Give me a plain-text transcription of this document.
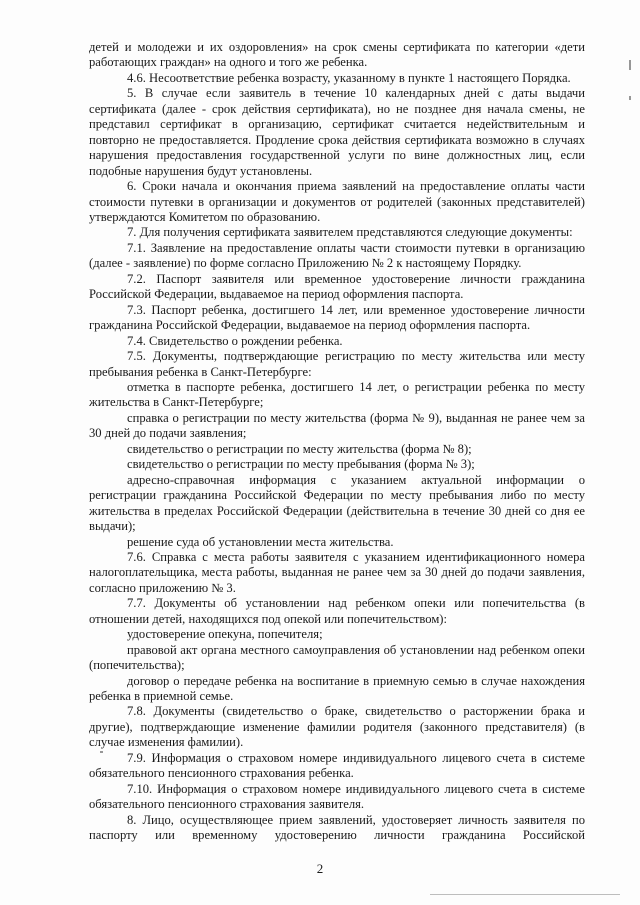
детей и молодежи и их оздоровления» на срок смены сертификата по категории «дети работающих граждан» на одного и того же ребенка.

4.6. Несоответствие ребенка возрасту, указанному в пункте 1 настоящего Порядка.

5. В случае если заявитель в течение 10 календарных дней с даты выдачи сертификата (далее - срок действия сертификата), но не позднее дня начала смены, не представил сертификат в организацию, сертификат считается недействительным и повторно не предоставляется. Продление срока действия сертификата возможно в случаях нарушения предоставления государственной услуги по вине должностных лиц, если подобные нарушения будут установлены.

6. Сроки начала и окончания приема заявлений на предоставление оплаты части стоимости путевки в организации и документов от родителей (законных представителей) утверждаются Комитетом по образованию.

7. Для получения сертификата заявителем представляются следующие документы:

7.1. Заявление на предоставление оплаты части стоимости путевки в организацию (далее - заявление) по форме согласно Приложению № 2 к настоящему Порядку.

7.2. Паспорт заявителя или временное удостоверение личности гражданина Российской Федерации, выдаваемое на период оформления паспорта.

7.3. Паспорт ребенка, достигшего 14 лет, или временное удостоверение личности гражданина Российской Федерации, выдаваемое на период оформления паспорта.

7.4. Свидетельство о рождении ребенка.

7.5. Документы, подтверждающие регистрацию по месту жительства или месту пребывания ребенка в Санкт-Петербурге:

отметка в паспорте ребенка, достигшего 14 лет, о регистрации ребенка по месту жительства в Санкт-Петербурге;

справка о регистрации по месту жительства (форма № 9), выданная не ранее чем за 30 дней до подачи заявления;

свидетельство о регистрации по месту жительства (форма № 8);

свидетельство о регистрации по месту пребывания (форма № 3);

адресно-справочная информация с указанием актуальной информации о регистрации гражданина Российской Федерации по месту пребывания либо по месту жительства в пределах Российской Федерации (действительна в течение 30 дней со дня ее выдачи);

решение суда об установлении места жительства.

7.6. Справка с места работы заявителя с указанием идентификационного номера налогоплательщика, места работы, выданная не ранее чем за 30 дней до подачи заявления, согласно приложению № 3.

7.7. Документы об установлении над ребенком опеки или попечительства (в отношении детей, находящихся под опекой или попечительством):

удостоверение опекуна, попечителя;

правовой акт органа местного самоуправления об установлении над ребенком опеки (попечительства);

договор о передаче ребенка на воспитание в приемную семью в случае нахождения ребенка в приемной семье.

7.8. Документы (свидетельство о браке, свидетельство о расторжении брака и другие), подтверждающие изменение фамилии родителя (законного представителя) (в случае изменения фамилии).

7.9. Информация о страховом номере индивидуального лицевого счета в системе обязательного пенсионного страхования ребенка.

7.10. Информация о страховом номере индивидуального лицевого счета в системе обязательного пенсионного страхования заявителя.

8. Лицо, осуществляющее прием заявлений, удостоверяет личность заявителя по паспорту или временному удостоверению личности гражданина Российской

2
